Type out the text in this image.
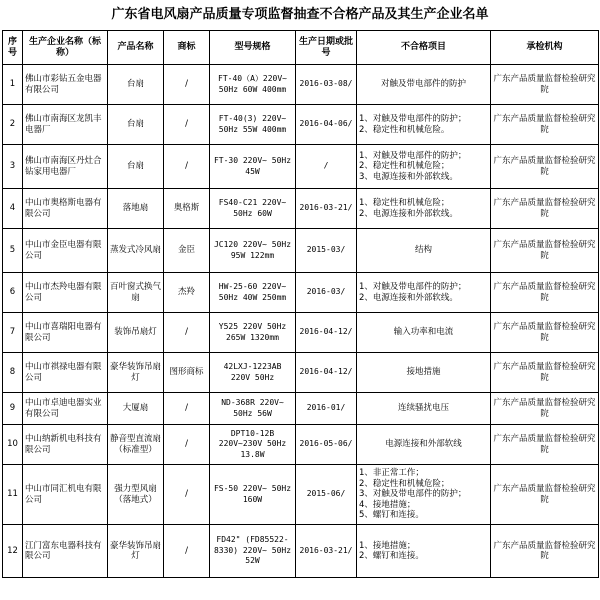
广东省电风扇产品质量专项监督抽查不合格产品及其生产企业名单
序号	生产企业名称（标称）	产品名称	商标	型号规格	生产日期或批号	不合格项目	承检机构
1	佛山市彩钻五金电器有限公司	台扇	/	FT-40（A）220V~ 50Hz 60W 400mm	2016-03-08/	对触及带电部件的防护	广东产品质量监督检验研究院
2	佛山市南海区龙凯丰电器厂	台扇	/	FT-40(3) 220V~ 50Hz 55W 400mm	2016-04-06/	1、对触及带电部件的防护；
2、稳定性和机械危险。	广东产品质量监督检验研究院
3	佛山市南海区丹灶合钻家用电器厂	台扇	/	FT-30 220V~ 50Hz 45W	/	1、对触及带电部件的防护；
2、稳定性和机械危险；
3、电源连接和外部软线。	广东产品质量监督检验研究院
4	中山市奥格斯电器有限公司	落地扇	奥格斯	FS40-C21 220V~ 50Hz 60W	2016-03-21/	1、稳定性和机械危险；
2、电源连接和外部软线。	广东产品质量监督检验研究院
5	中山市金臣电器有限公司	蒸发式冷风扇	金臣	JC120 220V~ 50Hz 95W 122mm	2015-03/	结构	广东产品质量监督检验研究院
6	中山市杰羚电器有限公司	百叶窗式换气扇	杰羚	HW-25-60 220V~ 50Hz 40W 250mm	2016-03/	1、对触及带电部件的防护；
2、电源连接和外部软线。	广东产品质量监督检验研究院
7	中山市喜瑞阳电器有限公司	装饰吊扇灯	/	Y525 220V 50Hz 265W 1320mm	2016-04-12/	输入功率和电流	广东产品质量监督检验研究院
8	中山市祺禄电器有限公司	豪华装饰吊扇灯	图形商标	42LXJ-1223AB 220V 50Hz	2016-04-12/	接地措施	广东产品质量监督检验研究院
9	中山市卓迪电器实业有限公司	大厦扇	/	ND-368R 220V~ 50Hz 56W	2016-01/	连续骚扰电压	广东产品质量监督检验研究院
10	中山纳新机电科技有限公司	静音型直流扇（标准型）	/	DPT10-12B 220V~230V 50Hz 13.8W	2016-05-06/	电源连接和外部软线	广东产品质量监督检验研究院
11	中山市同汇机电有限公司	强力型风扇（落地式）	/	FS-50 220V~ 50Hz 160W	2015-06/	1、非正常工作；
2、稳定性和机械危险；
3、对触及带电部件的防护；
4、接地措施；
5、螺钉和连接。	广东产品质量监督检验研究院
12	江门富东电器科技有限公司	豪华装饰吊扇灯	/	FD42" (FD85522-8330) 220V~ 50Hz 52W	2016-03-21/	1、接地措施；
2、螺钉和连接。	广东产品质量监督检验研究院
